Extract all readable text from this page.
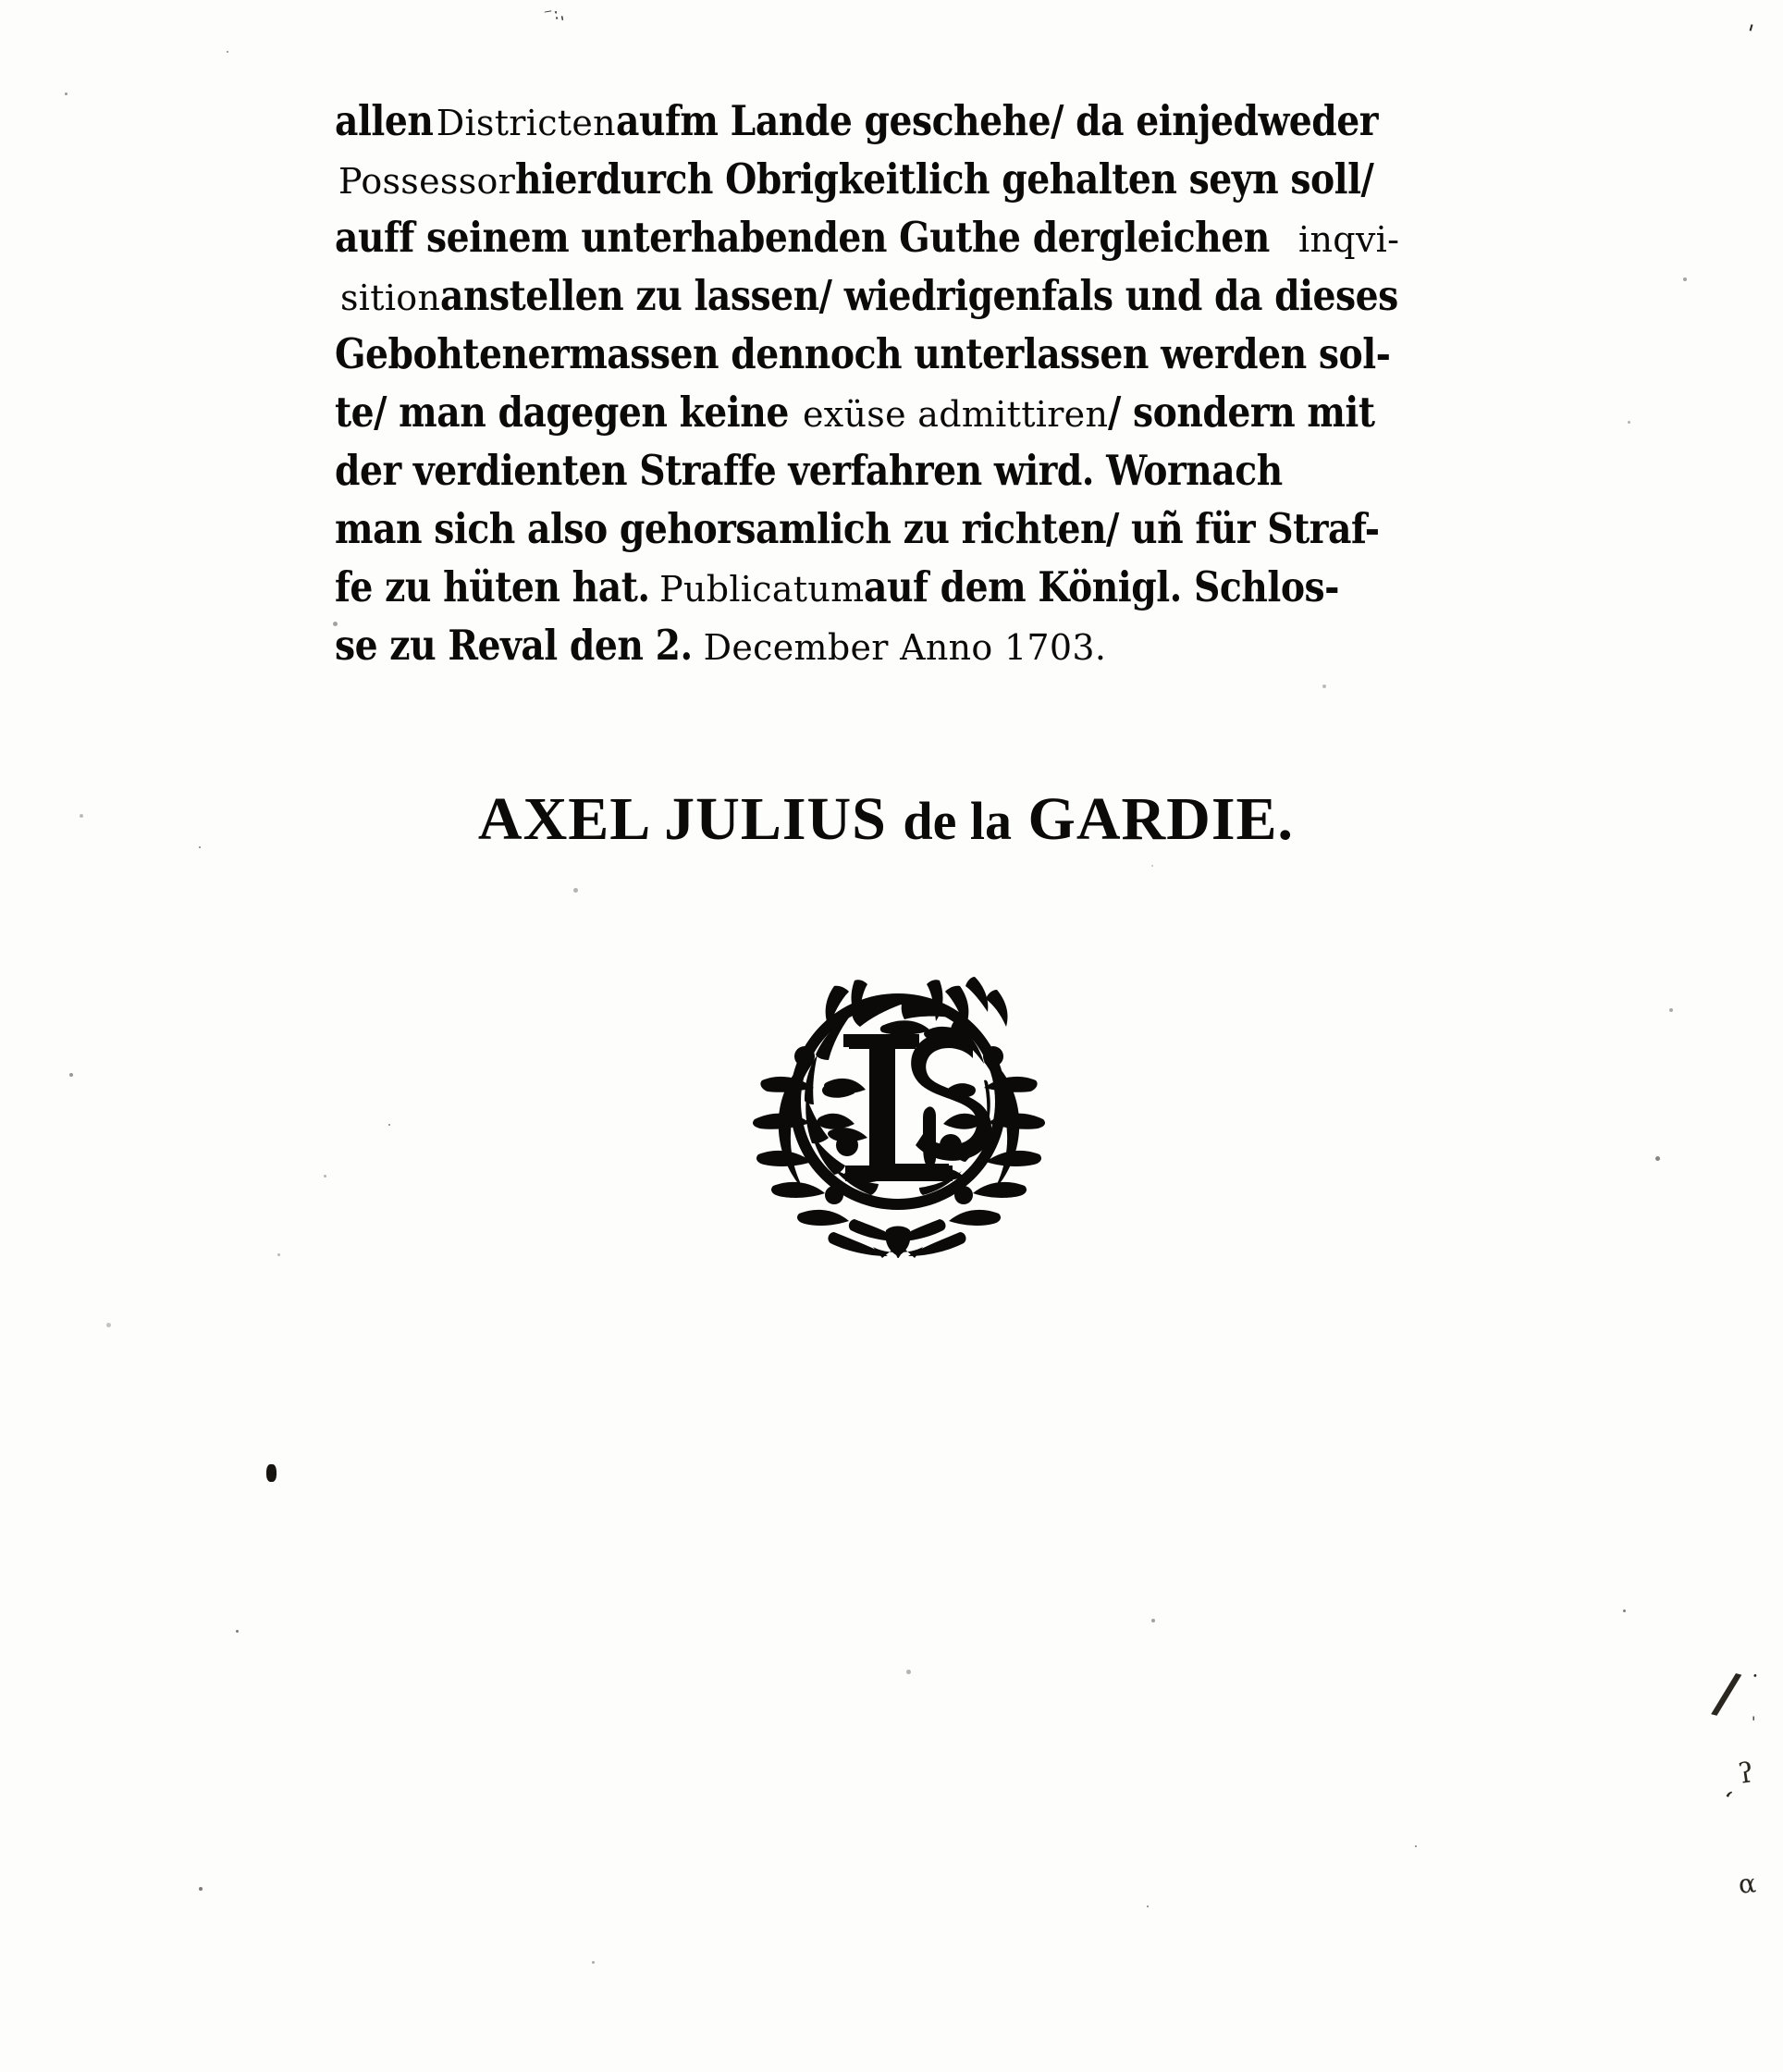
allenDistrictenaufm Lande geschehe/ da einjedweder
Possessorhierdurch Obrigkeitlich gehalten seyn soll/
auff seinem unterhabenden Guthe dergleicheninqvi-
sitionanstellen zu lassen/ wiedrigenfals und da dieses
Gebohtenermassen dennoch unterlassen werden sol-
te/ man dagegen keineexüse admittiren/ sondern mit
der verdienten Straffe verfahren wird. Wornach
man sich also gehorsamlich zu richten/ uñ für Straf-
fe zu hüten hat.Publicatumauf dem Königl. Schlos-
se zu Reval den 2.December Anno 1703.
AXEL JULIUS de la GARDIE.
⁻ːˌ
'
/ ·
'
ʔ
ʻ
α
